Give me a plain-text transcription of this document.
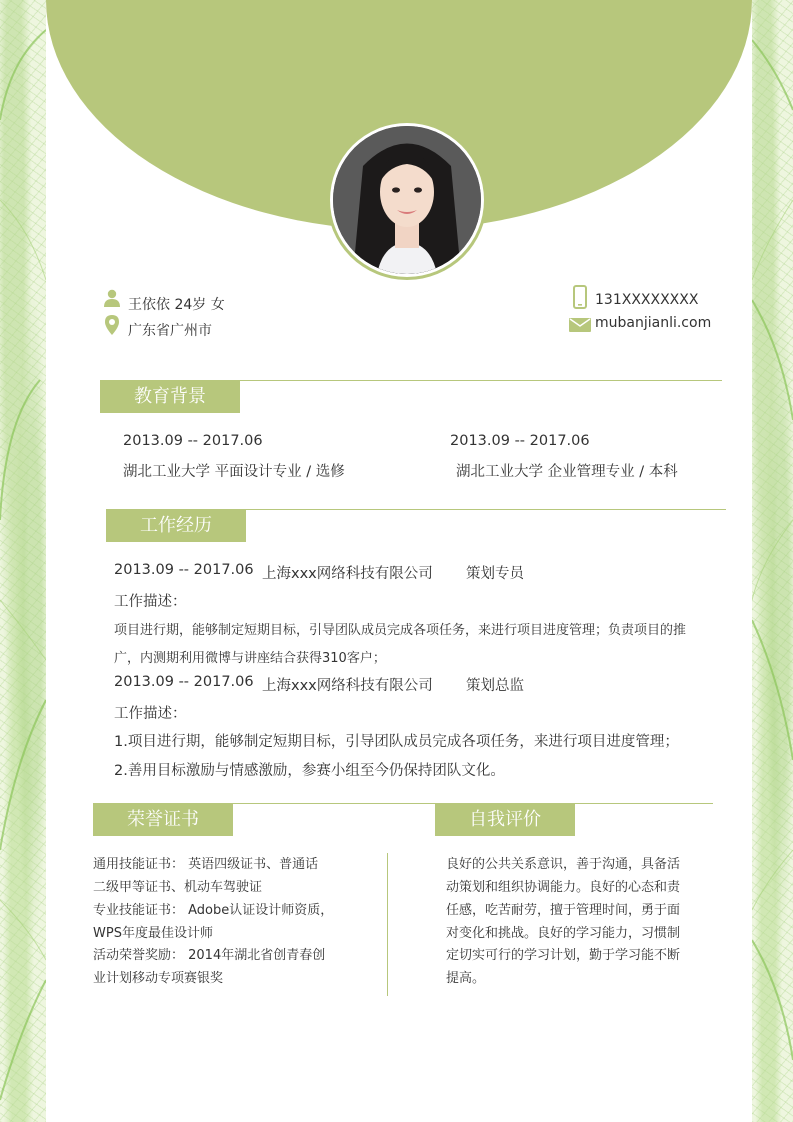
王依依 24岁 女
广东省广州市
131XXXXXXXX
mubanjianli.com
教育背景
2013.09 -- 2017.06
湖北工业大学 平面设计专业 / 选修
2013.09 -- 2017.06
湖北工业大学 企业管理专业 / 本科
工作经历
2013.09 -- 2017.06 上海xxx网络科技有限公司 策划专员
工作描述：
项目进行期，能够制定短期目标，引导团队成员完成各项任务，来进行项目进度管理；负责项目的推
广，内测期利用微博与讲座结合获得310客户；
2013.09 -- 2017.06 上海xxx网络科技有限公司 策划总监
工作描述：
1.项目进行期，能够制定短期目标，引导团队成员完成各项任务，来进行项目进度管理；
2.善用目标激励与情感激励，参赛小组至今仍保持团队文化。
荣誉证书	自我评价
通用技能证书： 英语四级证书、普通话
二级甲等证书、机动车驾驶证
专业技能证书： Adobe认证设计师资质，
WPS年度最佳设计师
活动荣誉奖励： 2014年湖北省创青春创
业计划移动专项赛银奖
良好的公共关系意识，善于沟通，具备活
动策划和组织协调能力。良好的心态和责
任感，吃苦耐劳，擅于管理时间，勇于面
对变化和挑战。良好的学习能力，习惯制
定切实可行的学习计划，勤于学习能不断
提高。
